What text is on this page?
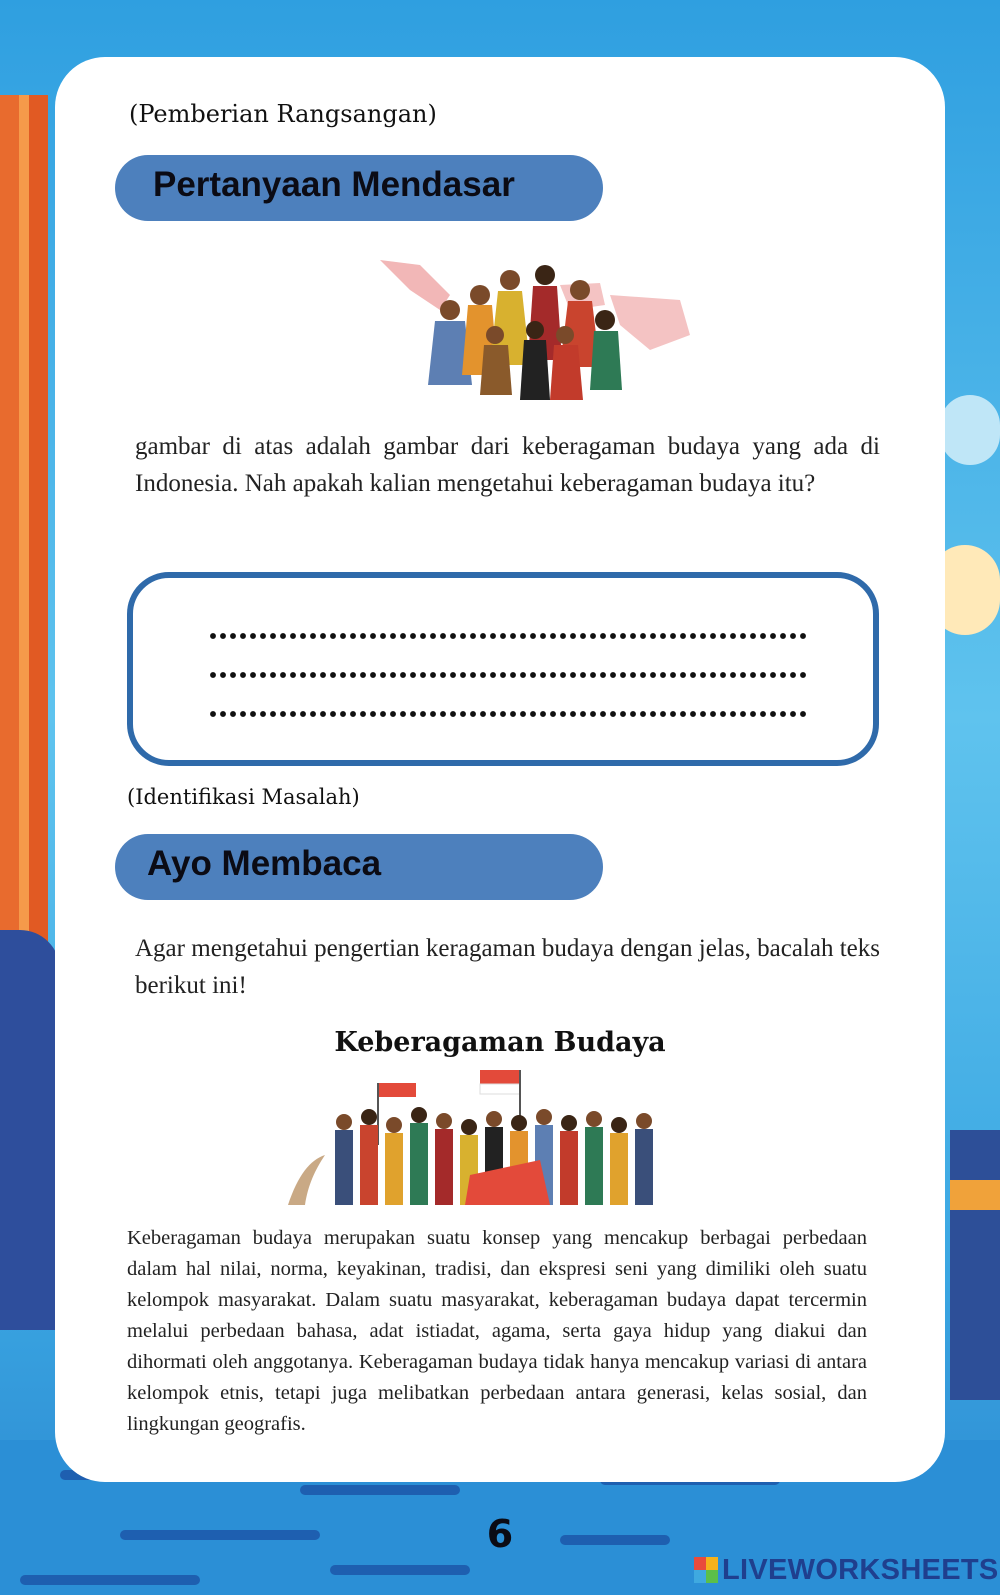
(Pemberian Rangsangan)
Pertanyaan Mendasar
gambar di atas adalah gambar dari keberagaman budaya yang ada di Indonesia. Nah apakah kalian mengetahui keberagaman budaya itu?
(Identifikasi Masalah)
Ayo Membaca
Agar mengetahui pengertian keragaman budaya dengan jelas, bacalah teks berikut ini!
Keberagaman Budaya
Keberagaman budaya merupakan suatu konsep yang mencakup berbagai perbedaan dalam hal nilai, norma, keyakinan, tradisi, dan ekspresi seni yang dimiliki oleh suatu kelompok masyarakat. Dalam suatu masyarakat, keberagaman budaya dapat tercermin melalui perbedaan bahasa, adat istiadat, agama, serta gaya hidup yang diakui dan dihormati oleh anggotanya. Keberagaman budaya tidak hanya mencakup variasi di antara kelompok etnis, tetapi juga melibatkan perbedaan antara generasi, kelas sosial, dan lingkungan geografis.
6
LIVEWORKSHEETS
